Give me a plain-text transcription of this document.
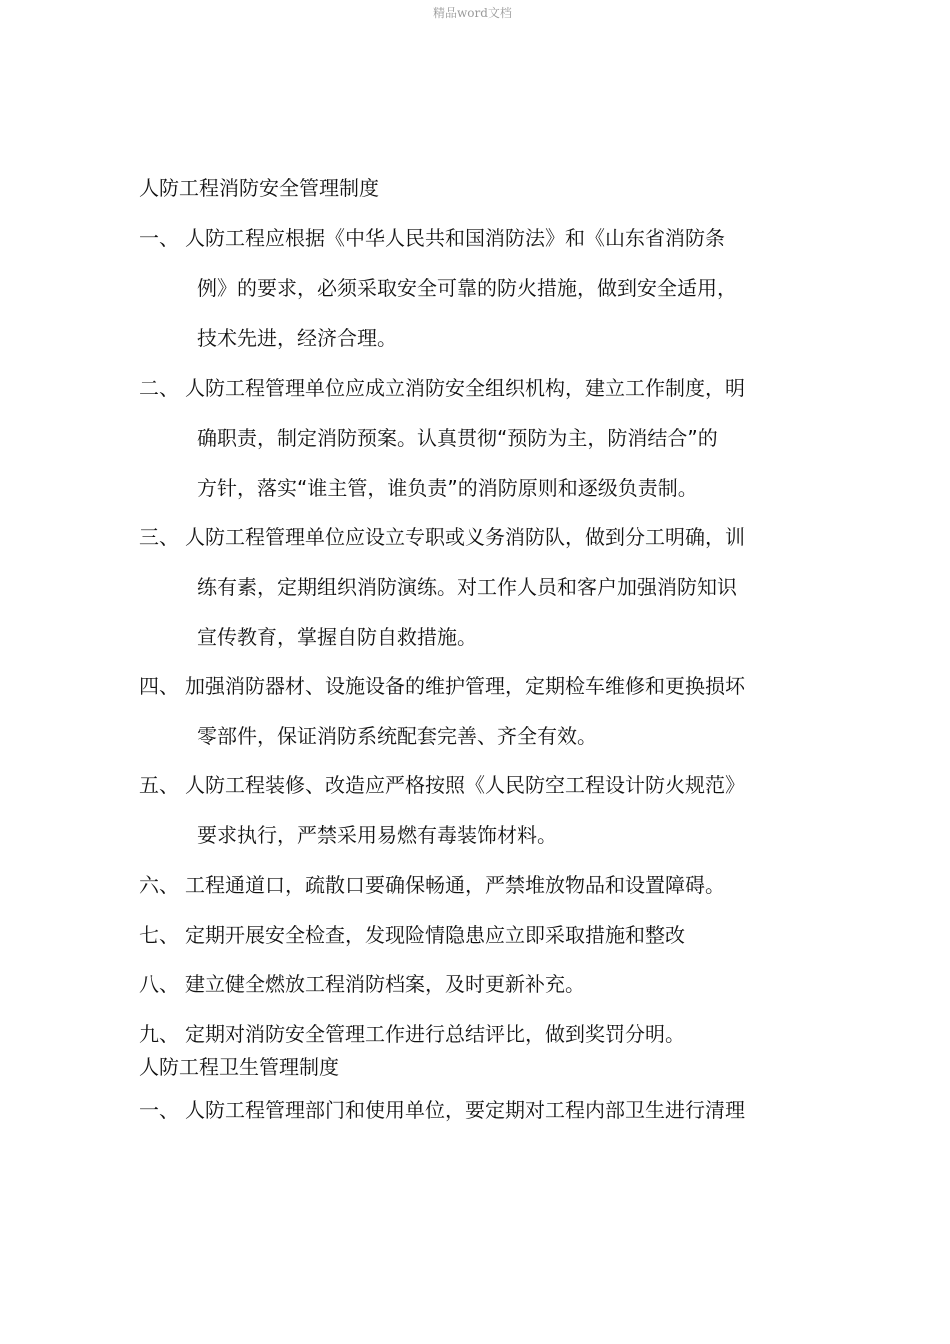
精品word文档
人防工程消防安全管理制度
一、 人防工程应根据《中华人民共和国消防法》和《山东省消防条
例》的要求，必须采取安全可靠的防火措施，做到安全适用，
技术先进，经济合理。
二、 人防工程管理单位应成立消防安全组织机构，建立工作制度，明
确职责，制定消防预案。认真贯彻“预防为主，防消结合”的
方针，落实“谁主管，谁负责”的消防原则和逐级负责制。
三、 人防工程管理单位应设立专职或义务消防队，做到分工明确，训
练有素，定期组织消防演练。对工作人员和客户加强消防知识
宣传教育，掌握自防自救措施。
四、 加强消防器材、设施设备的维护管理，定期检车维修和更换损坏
零部件，保证消防系统配套完善、齐全有效。
五、 人防工程装修、改造应严格按照《人民防空工程设计防火规范》
要求执行，严禁采用易燃有毒装饰材料。
六、 工程通道口，疏散口要确保畅通，严禁堆放物品和设置障碍。
七、 定期开展安全检查，发现险情隐患应立即采取措施和整改
八、 建立健全燃放工程消防档案，及时更新补充。
九、 定期对消防安全管理工作进行总结评比，做到奖罚分明。
人防工程卫生管理制度
一、 人防工程管理部门和使用单位，要定期对工程内部卫生进行清理
